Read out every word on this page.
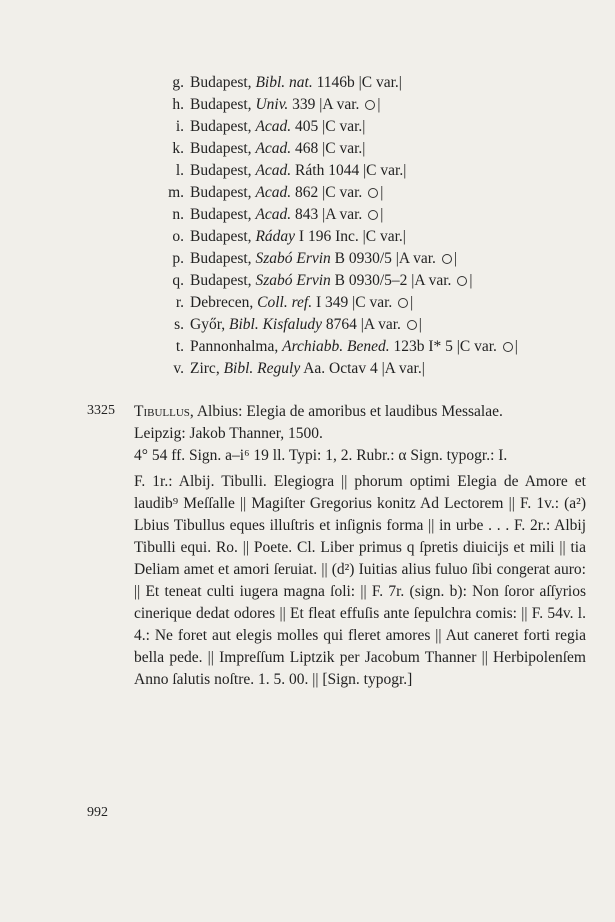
g. Budapest, Bibl. nat. 1146b |C var.|
h. Budapest, Univ. 339 |A var. ○ |
i. Budapest, Acad. 405 |C var.|
k. Budapest, Acad. 468 |C var.|
l. Budapest, Acad. Ráth 1044 |C var.|
m. Budapest, Acad. 862 |C var. ○ |
n. Budapest, Acad. 843 |A var. ○ |
o. Budapest, Ráday I 196 Inc. |C var.|
p. Budapest, Szabó Ervin B 0930/5 |A var. ○ |
q. Budapest, Szabó Ervin B 0930/5–2 |A var. ○ |
r. Debrecen, Coll. ref. I 349 |C var. ○ |
s. Győr, Bibl. Kisfaludy 8764 |A var. ○ |
t. Pannonhalma, Archiabb. Bened. 123b I* 5 |C var. ○ |
v. Zirc, Bibl. Reguly Aa. Octav 4 |A var.|
3325 Tibullus, Albius: Elegia de amoribus et laudibus Messalae.

Leipzig: Jakob Thanner, 1500.

4° 54 ff. Sign. a–i⁶ 19 ll. Typi: 1, 2. Rubr.: α Sign. typogr.: I.

F. 1r.: Albij. Tibulli. Elegiogra || phorum optimi Elegia de Amore et laudib⁹ Meſſalle || Magiſter Gregorius konitz Ad Lectorem || F. 1v.: (a²) Lbius Tibullus eques illuſtris et inſignis forma || in urbe . . . F. 2r.: Albij Tibulli equi. Ro. || Poete. Cl. Liber primus q ſpretis diuicijs et mili || tia Deliam amet et amori ſeruiat. || (d²) Iuitias alius fuluo ſibi congerat auro: || Et teneat culti iugera magna ſoli: || F. 7r. (sign. b): Non ſoror aſſyrios cinerique dedat odores || Et fleat effuſis ante ſepulchra comis: || F. 54v. l. 4.: Ne foret aut elegis molles qui fleret amores || Aut caneret forti regia bella pede. || Impreſſum Liptzik per Jacobum Thanner || Herbipolenſem Anno ſalutis noſtre. 1. 5. 00. || [Sign. typogr.]

992
